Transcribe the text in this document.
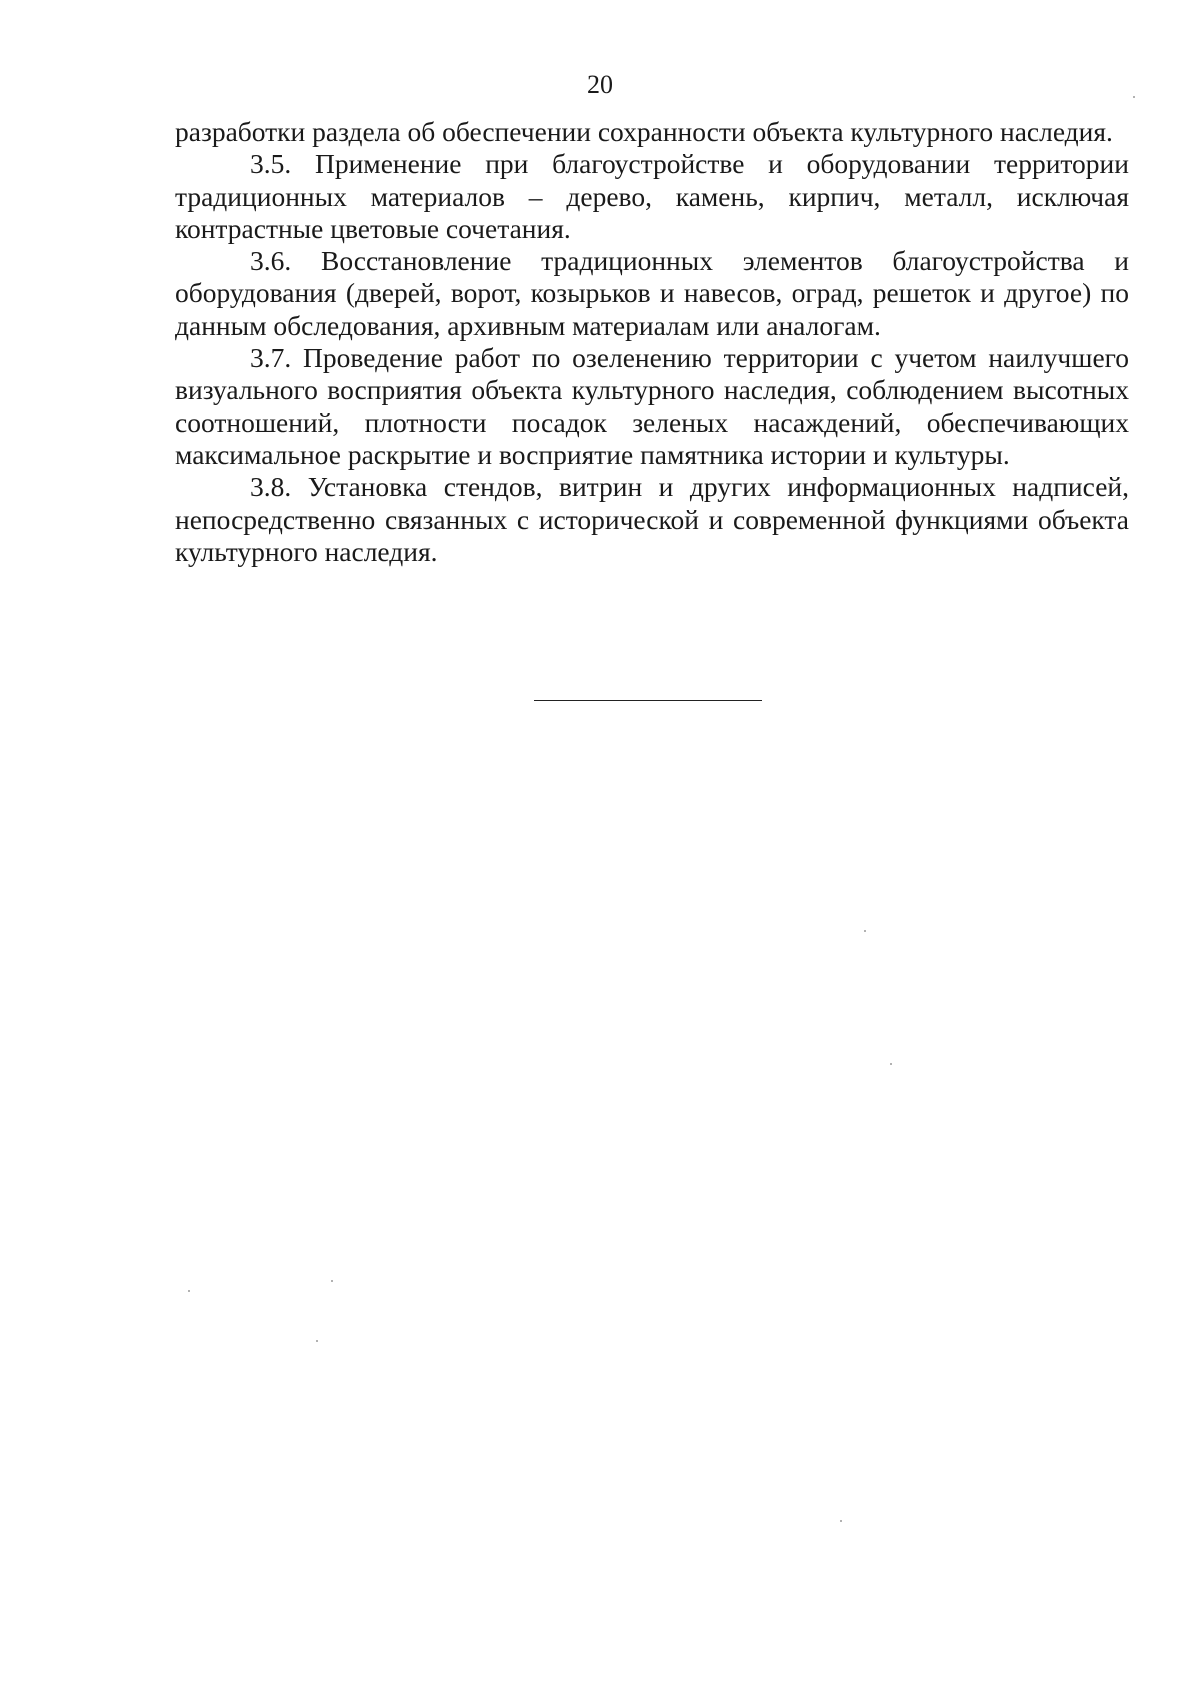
20

разработки раздела об обеспечении сохранности объекта культурного наследия.

3.5. Применение при благоустройстве и оборудовании территории традиционных материалов – дерево, камень, кирпич, металл, исключая контрастные цветовые сочетания.

3.6. Восстановление традиционных элементов благоустройства и оборудования (дверей, ворот, козырьков и навесов, оград, решеток и другое) по данным обследования, архивным материалам или аналогам.

3.7. Проведение работ по озеленению территории с учетом наилучшего визуального восприятия объекта культурного наследия, соблюдением высотных соотношений, плотности посадок зеленых насаждений, обеспечивающих максимальное раскрытие и восприятие памятника истории и культуры.

3.8. Установка стендов, витрин и других информационных надписей, непосредственно связанных с исторической и современной функциями объекта культурного наследия.
